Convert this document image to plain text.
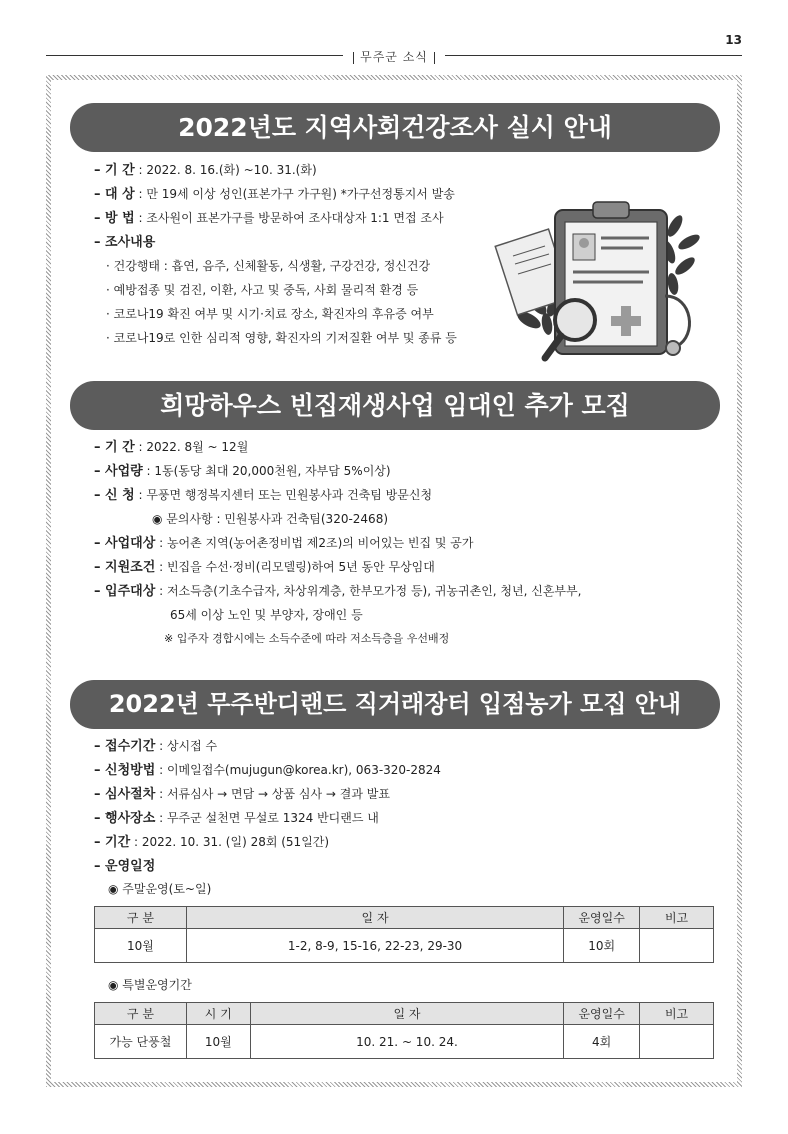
13
무주군 소식
2022년도 지역사회건강조사 실시 안내
– 기 간 : 2022. 8. 16.(화) ~10. 31.(화)
– 대 상 : 만 19세 이상 성인(표본가구 가구원) *가구선정통지서 발송
– 방 법 : 조사원이 표본가구를 방문하여 조사대상자 1:1 면접 조사
– 조사내용
· 건강행태 : 흡연, 음주, 신체활동, 식생활, 구강건강, 정신건강
· 예방접종 및 검진, 이환, 사고 및 중독, 사회 물리적 환경 등
· 코로나19 확진 여부 및 시기·치료 장소, 확진자의 후유증 여부
· 코로나19로 인한 심리적 영향, 확진자의 기저질환 여부 및 종류 등
희망하우스 빈집재생사업 임대인 추가 모집
– 기 간 : 2022. 8월 ~ 12월
– 사업량 : 1동(동당 최대 20,000천원, 자부담 5%이상)
– 신 청 : 무풍면 행정복지센터 또는 민원봉사과 건축팀 방문신청
◉ 문의사항 : 민원봉사과 건축팀(320-2468)
– 사업대상 : 농어촌 지역(농어촌정비법 제2조)의 비어있는 빈집 및 공가
– 지원조건 : 빈집을 수선·정비(리모델링)하여 5년 동안 무상임대
– 입주대상 : 저소득층(기초수급자, 차상위계층, 한부모가정 등), 귀농귀촌인, 청년, 신혼부부,
65세 이상 노인 및 부양자, 장애인 등
※ 입주자 경합시에는 소득수준에 따라 저소득층을 우선배정
2022년 무주반디랜드 직거래장터 입점농가 모집 안내
– 접수기간 : 상시접 수
– 신청방법 : 이메일접수(mujugun@korea.kr), 063-320-2824
– 심사절차 : 서류심사 → 면담 → 상품 심사 → 결과 발표
– 행사장소 : 무주군 설천면 무설로 1324 반디랜드 내
– 기간 : 2022. 10. 31. (일) 28회 (51일간)
– 운영일정
◉ 주말운영(토~일)
구 분	일 자	운영일수	비고
10월	1-2, 8-9, 15-16, 22-23, 29-30	10회	
◉ 특별운영기간
구 분	시 기	일 자	운영일수	비고
가능 단풍철	10월	10. 21. ~ 10. 24.	4회	
